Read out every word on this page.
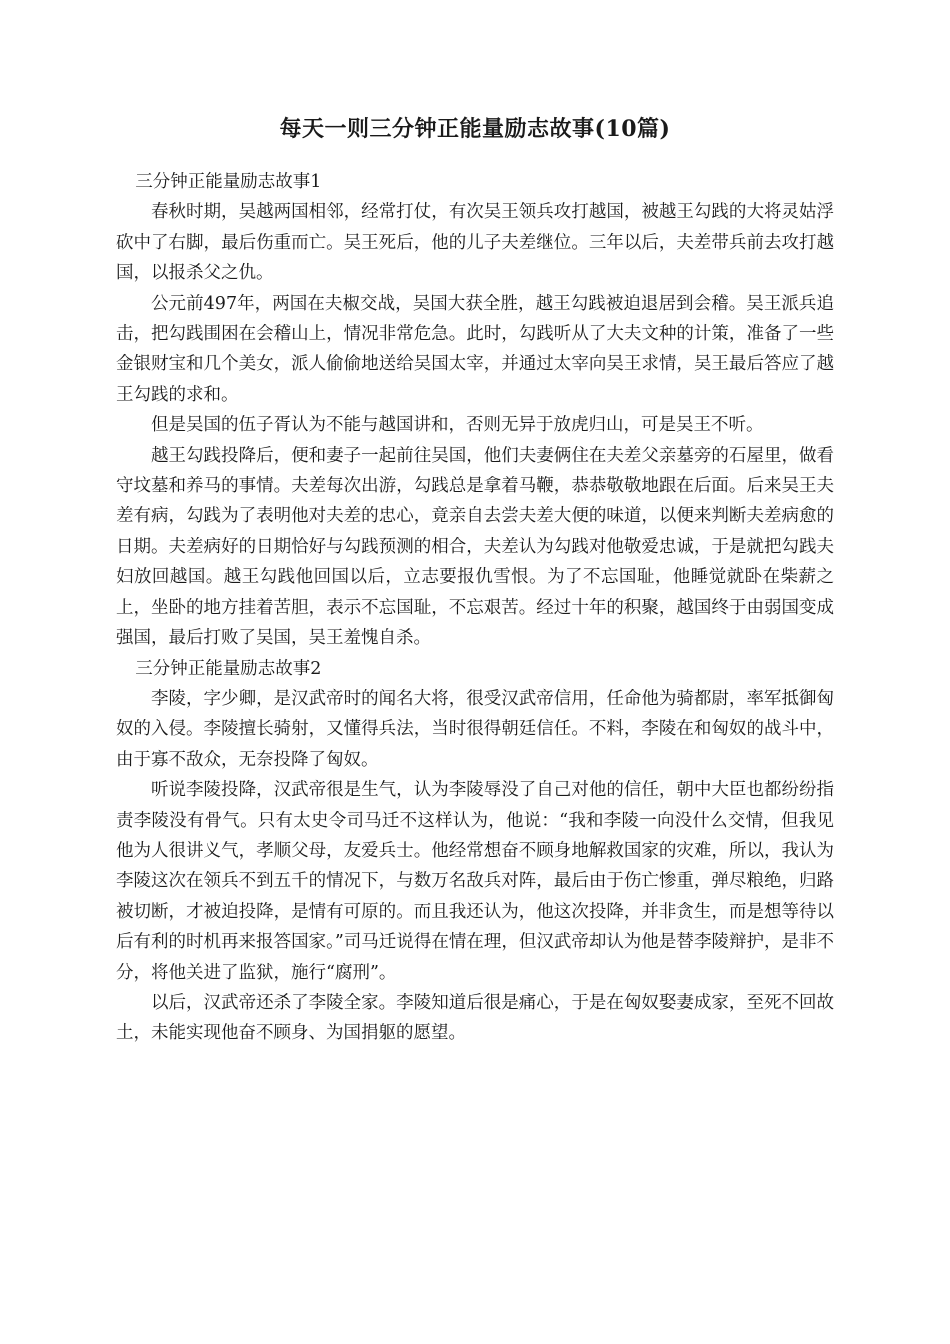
每天一则三分钟正能量励志故事(10篇)

三分钟正能量励志故事1

春秋时期，吴越两国相邻，经常打仗，有次吴王领兵攻打越国，被越王勾践的大将灵姑浮砍中了右脚，最后伤重而亡。吴王死后，他的儿子夫差继位。三年以后，夫差带兵前去攻打越国，以报杀父之仇。

公元前497年，两国在夫椒交战，吴国大获全胜，越王勾践被迫退居到会稽。吴王派兵追击，把勾践围困在会稽山上，情况非常危急。此时，勾践听从了大夫文种的计策，准备了一些金银财宝和几个美女，派人偷偷地送给吴国太宰，并通过太宰向吴王求情，吴王最后答应了越王勾践的求和。

但是吴国的伍子胥认为不能与越国讲和，否则无异于放虎归山，可是吴王不听。

越王勾践投降后，便和妻子一起前往吴国，他们夫妻俩住在夫差父亲墓旁的石屋里，做看守坟墓和养马的事情。夫差每次出游，勾践总是拿着马鞭，恭恭敬敬地跟在后面。后来吴王夫差有病，勾践为了表明他对夫差的忠心，竟亲自去尝夫差大便的味道，以便来判断夫差病愈的日期。夫差病好的日期恰好与勾践预测的相合，夫差认为勾践对他敬爱忠诚，于是就把勾践夫妇放回越国。越王勾践他回国以后，立志要报仇雪恨。为了不忘国耻，他睡觉就卧在柴薪之上，坐卧的地方挂着苦胆，表示不忘国耻，不忘艰苦。经过十年的积聚，越国终于由弱国变成强国，最后打败了吴国，吴王羞愧自杀。

三分钟正能量励志故事2

李陵，字少卿，是汉武帝时的闻名大将，很受汉武帝信用，任命他为骑都尉，率军抵御匈奴的入侵。李陵擅长骑射，又懂得兵法，当时很得朝廷信任。不料，李陵在和匈奴的战斗中，由于寡不敌众，无奈投降了匈奴。

听说李陵投降，汉武帝很是生气，认为李陵辱没了自己对他的信任，朝中大臣也都纷纷指责李陵没有骨气。只有太史令司马迁不这样认为，他说：“我和李陵一向没什么交情，但我见他为人很讲义气，孝顺父母，友爱兵士。他经常想奋不顾身地解救国家的灾难，所以，我认为李陵这次在领兵不到五千的情况下，与数万名敌兵对阵，最后由于伤亡惨重，弹尽粮绝，归路被切断，才被迫投降，是情有可原的。而且我还认为，他这次投降，并非贪生，而是想等待以后有利的时机再来报答国家。”司马迁说得在情在理，但汉武帝却认为他是替李陵辩护，是非不分，将他关进了监狱，施行“腐刑”。

以后，汉武帝还杀了李陵全家。李陵知道后很是痛心，于是在匈奴娶妻成家，至死不回故土，未能实现他奋不顾身、为国捐躯的愿望。
